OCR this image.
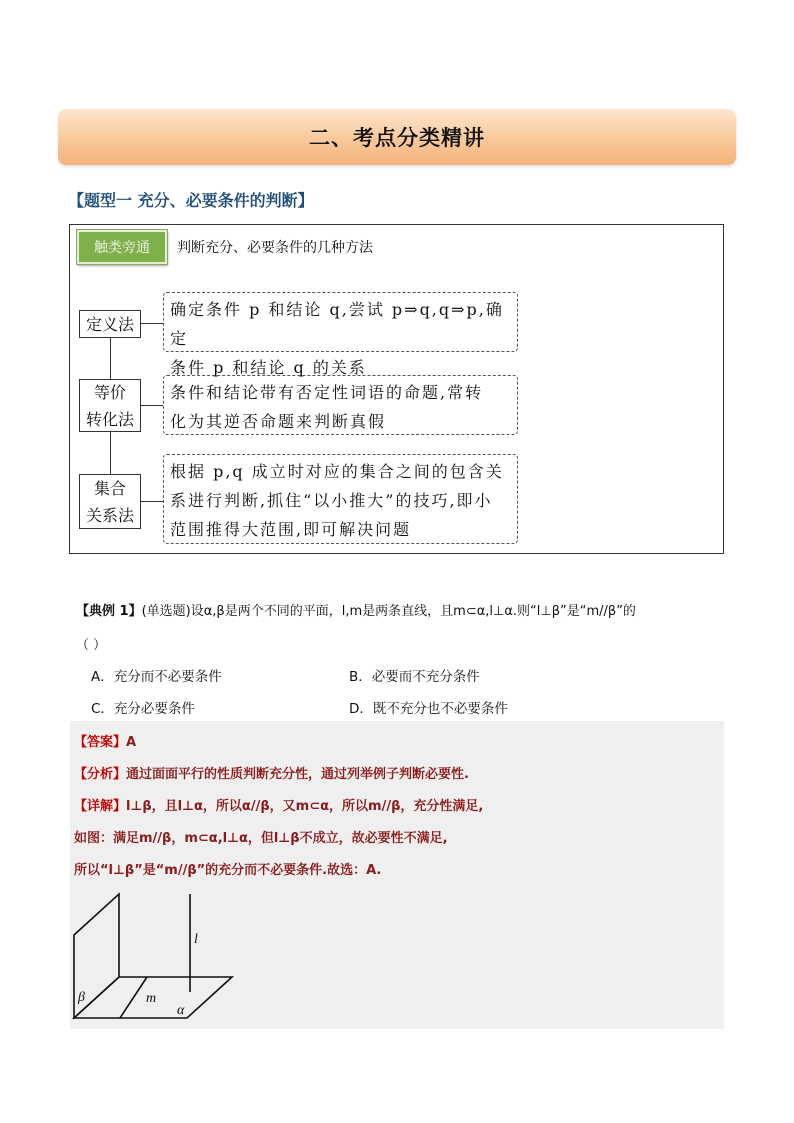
二、考点分类精讲
【题型一 充分、必要条件的判断】
触类旁通	判断充分、必要条件的几种方法
定义法
确定条件 p 和结论 q,尝试 p⇒q,q⇒p,确定
条件 p 和结论 q 的关系
等价
转化法
条件和结论带有否定性词语的命题,常转
化为其逆否命题来判断真假
集合
关系法
根据 p,q 成立时对应的集合之间的包含关
系进行判断,抓住“以小推大”的技巧,即小
范围推得大范围,即可解决问题
【典例 1】(单选题)设α,β是两个不同的平面，l,m是两条直线，且m⊂α,l⊥α.则“l⊥β”是“m//β”的
（ ）
A．充分而不必要条件	B．必要而不充分条件
C．充分必要条件	D．既不充分也不必要条件
【答案】A
【分析】通过面面平行的性质判断充分性，通过列举例子判断必要性.
【详解】l⊥β，且l⊥α，所以α//β，又m⊂α，所以m//β，充分性满足,
如图：满足m//β，m⊂α,l⊥α，但l⊥β不成立，故必要性不满足,
所以“l⊥β”是“m//β”的充分而不必要条件.故选：A.
l
β	m
α
